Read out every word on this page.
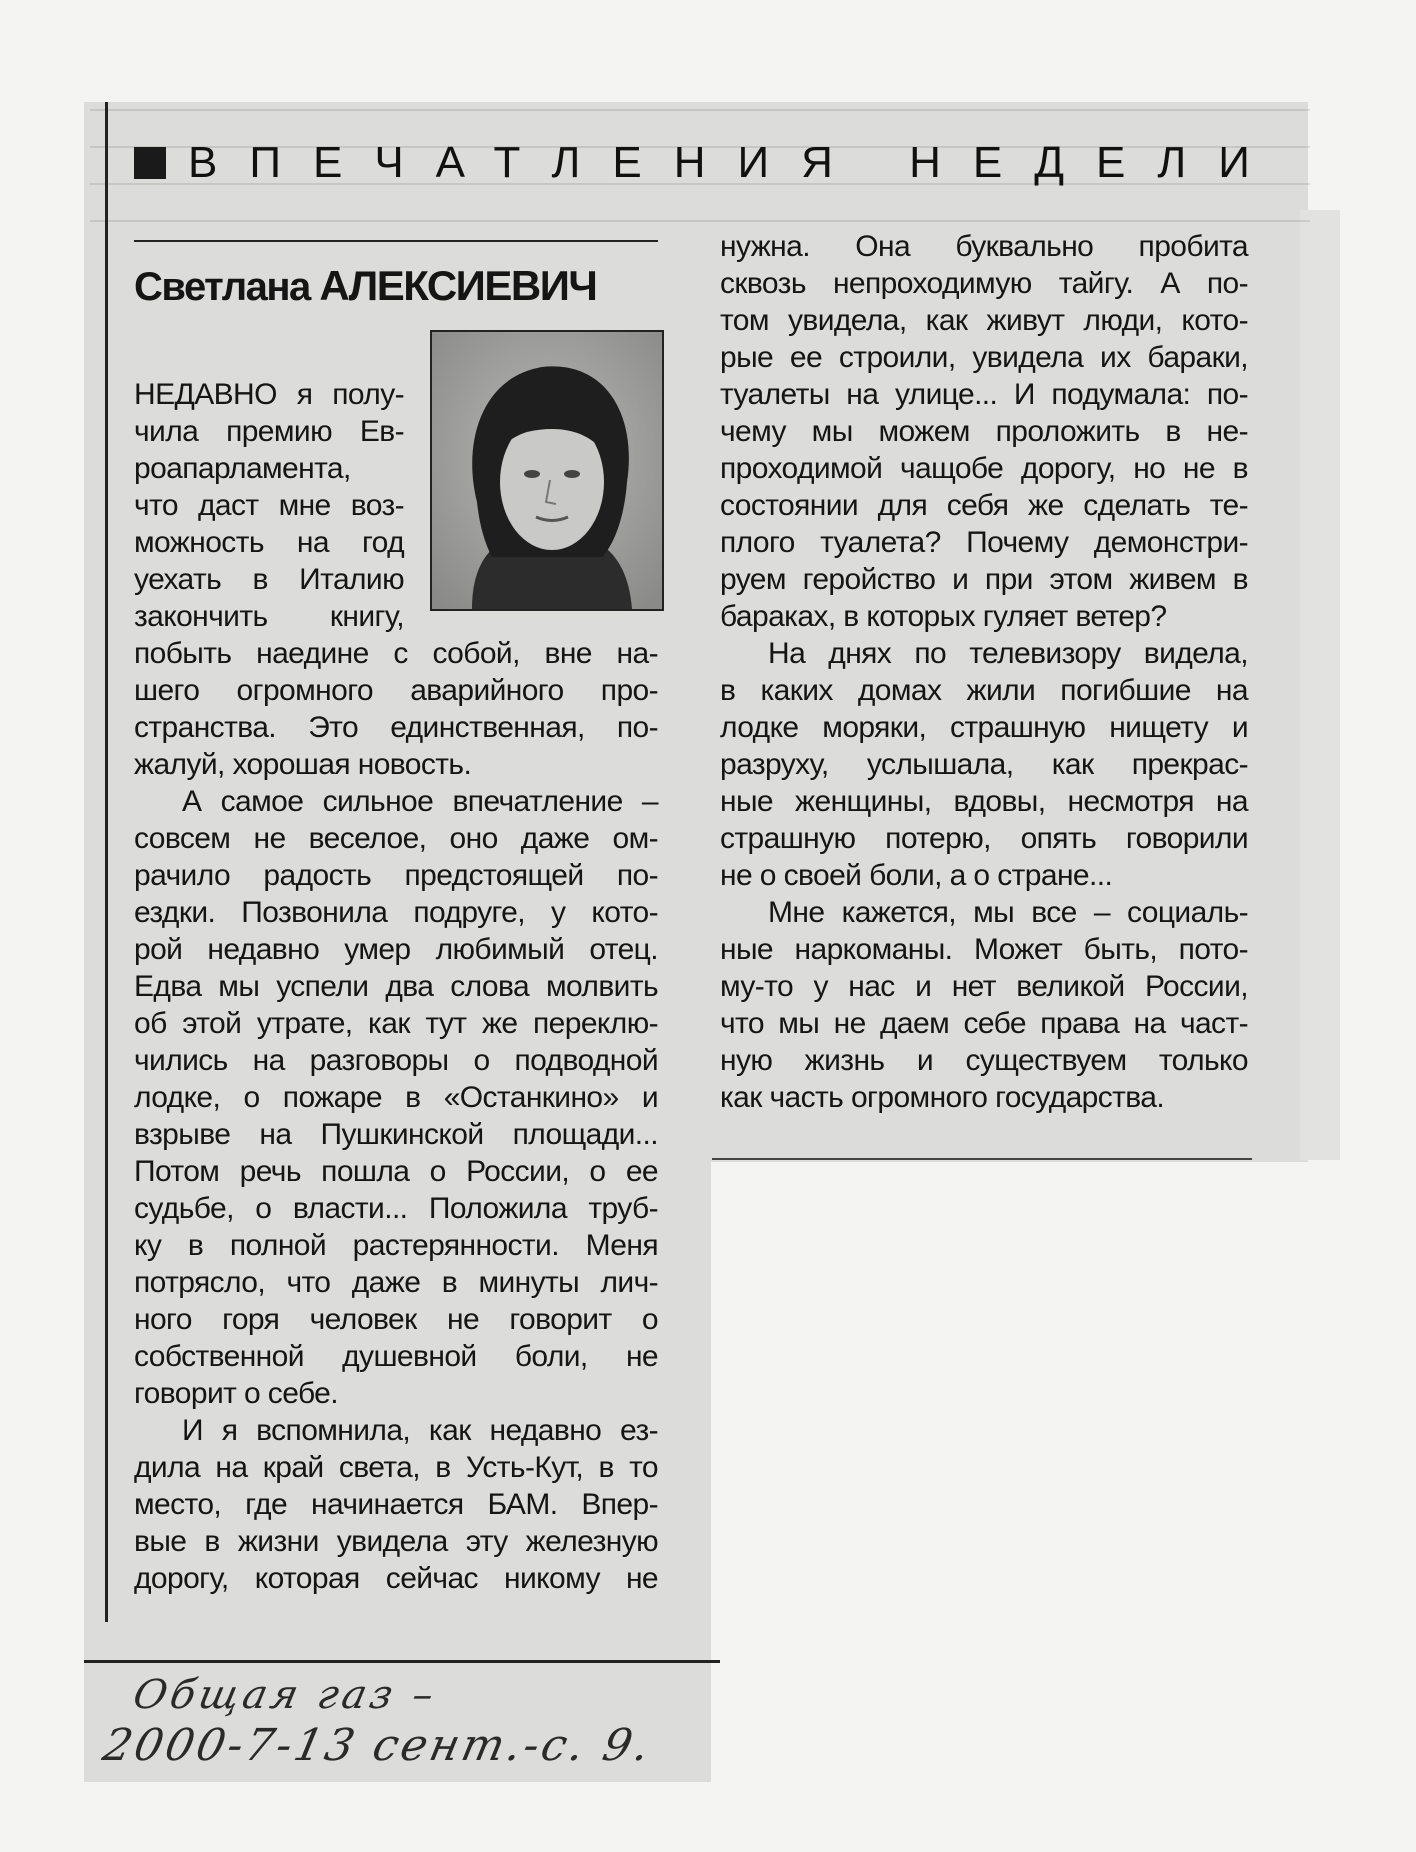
ВПЕЧАТЛЕНИЯ НЕДЕЛИ
Светлана АЛЕКСИЕВИЧ
НЕДАВНО я полу-
чила премию Ев-
роапарламента,
что даст мне воз-
можность на год
уехать в Италию
закончить книгу,
побыть наедине с собой, вне на-
шего огромного аварийного про-
странства. Это единственная, по-
жалуй, хорошая новость.
А самое сильное впечатление –
совсем не веселое, оно даже ом-
рачило радость предстоящей по-
ездки. Позвонила подруге, у кото-
рой недавно умер любимый отец.
Едва мы успели два слова молвить
об этой утрате, как тут же переклю-
чились на разговоры о подводной
лодке, о пожаре в «Останкино» и
взрыве на Пушкинской площади...
Потом речь пошла о России, о ее
судьбе, о власти... Положила труб-
ку в полной растерянности. Меня
потрясло, что даже в минуты лич-
ного горя человек не говорит о
собственной душевной боли, не
говорит о себе.
И я вспомнила, как недавно ез-
дила на край света, в Усть-Кут, в то
место, где начинается БАМ. Впер-
вые в жизни увидела эту железную
дорогу, которая сейчас никому не
нужна. Она буквально пробита
сквозь непроходимую тайгу. А по-
том увидела, как живут люди, кото-
рые ее строили, увидела их бараки,
туалеты на улице... И подумала: по-
чему мы можем проложить в не-
проходимой чащобе дорогу, но не в
состоянии для себя же сделать те-
плого туалета? Почему демонстри-
руем геройство и при этом живем в
бараках, в которых гуляет ветер?
На днях по телевизору видела,
в каких домах жили погибшие на
лодке моряки, страшную нищету и
разруху, услышала, как прекрас-
ные женщины, вдовы, несмотря на
страшную потерю, опять говорили
не о своей боли, а о стране...
Мне кажется, мы все – социаль-
ные наркоманы. Может быть, пото-
му-то у нас и нет великой России,
что мы не даем себе права на част-
ную жизнь и существуем только
как часть огромного государства.
Общая газ –
2000-7-13 сент.-с. 9.
